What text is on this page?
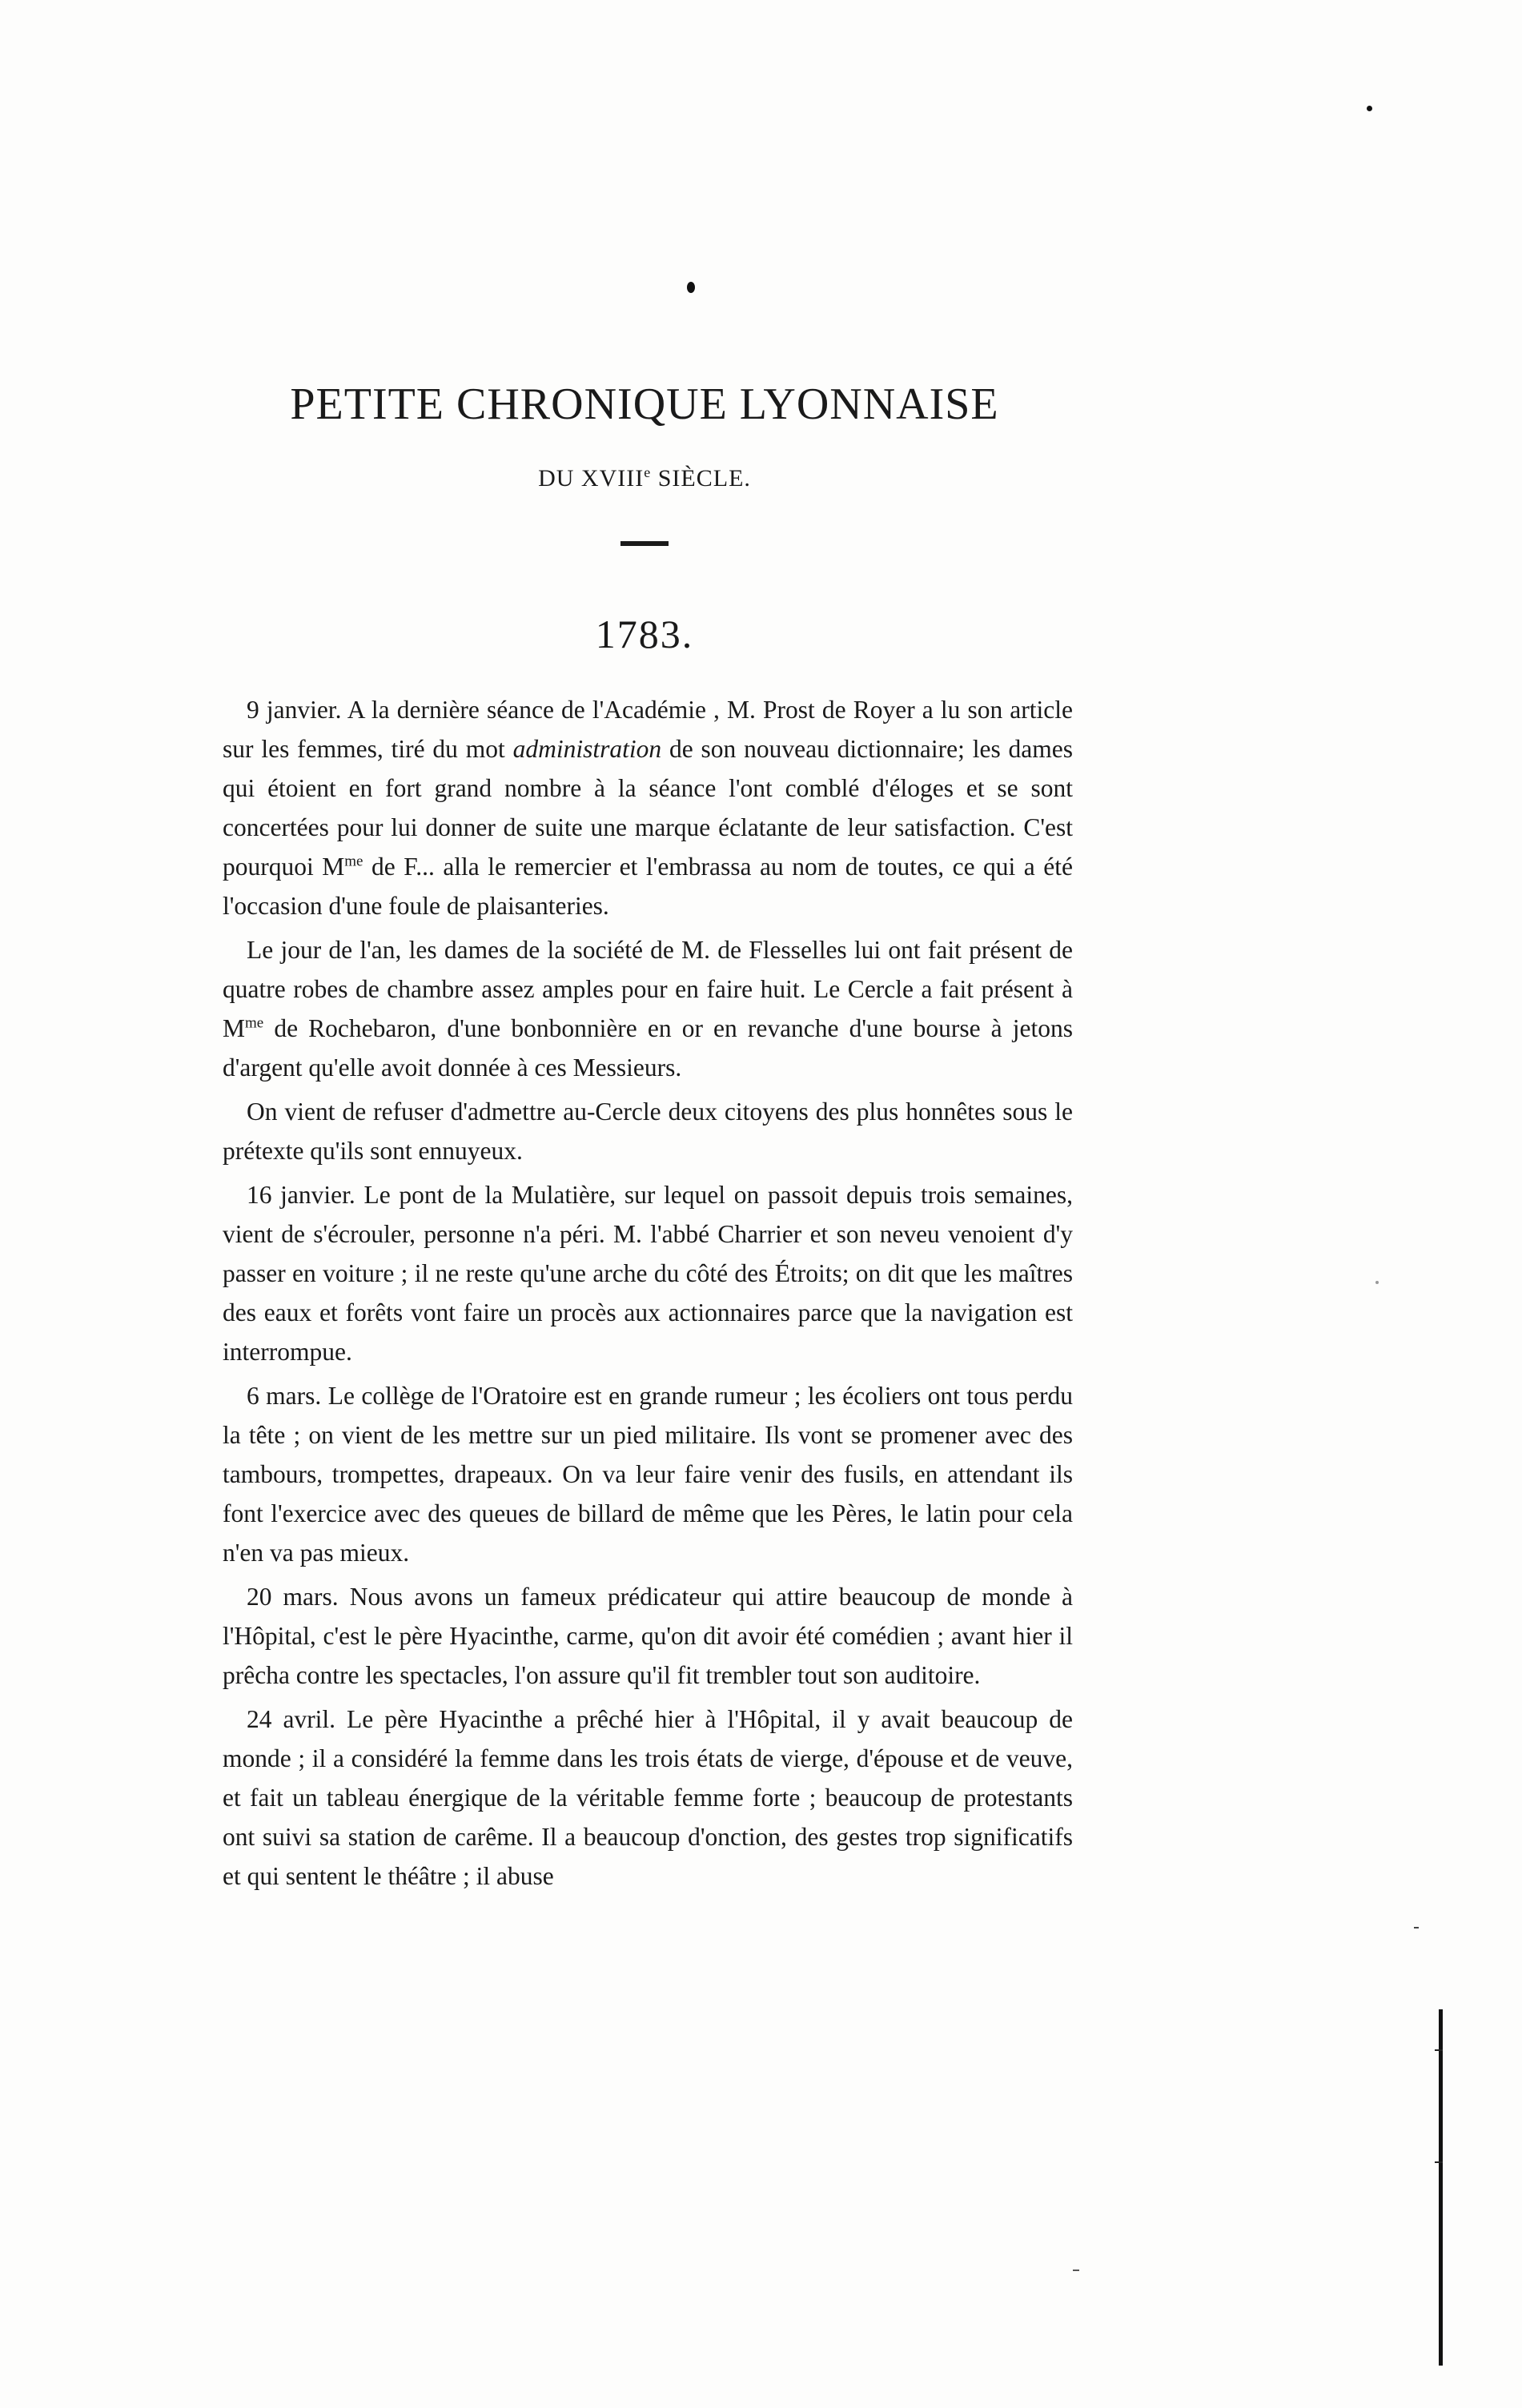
PETITE CHRONIQUE LYONNAISE
DU XVIIIe SIÈCLE.
1783.

9 janvier. A la dernière séance de l'Académie , M. Prost de Royer a lu son article sur les femmes, tiré du mot administration de son nouveau dictionnaire; les dames qui étoient en fort grand nombre à la séance l'ont comblé d'éloges et se sont concertées pour lui donner de suite une marque éclatante de leur satisfaction. C'est pourquoi $M^{me}$ de F... alla le remercier et l'embrassa au nom de toutes, ce qui a été l'occasion d'une foule de plaisanteries.

Le jour de l'an, les dames de la société de M. de Flesselles lui ont fait présent de quatre robes de chambre assez amples pour en faire huit. Le Cercle a fait présent à $M^{me}$ de Rochebaron, d'une bonbonnière en or en revanche d'une bourse à jetons d'argent qu'elle avoit donnée à ces Messieurs.

On vient de refuser d'admettre au-Cercle deux citoyens des plus honnêtes sous le prétexte qu'ils sont ennuyeux.

16 janvier. Le pont de la Mulatière, sur lequel on passoit depuis trois semaines, vient de s'écrouler, personne n'a péri. M. l'abbé Charrier et son neveu venoient d'y passer en voiture ; il ne reste qu'une arche du côté des Étroits; on dit que les maîtres des eaux et forêts vont faire un procès aux actionnaires parce que la navigation est interrompue.

6 mars. Le collège de l'Oratoire est en grande rumeur ; les écoliers ont tous perdu la tête ; on vient de les mettre sur un pied militaire. Ils vont se promener avec des tambours, trompettes, drapeaux. On va leur faire venir des fusils, en attendant ils font l'exercice avec des queues de billard de même que les Pères, le latin pour cela n'en va pas mieux.

20 mars. Nous avons un fameux prédicateur qui attire beaucoup de monde à l'Hôpital, c'est le père Hyacinthe, carme, qu'on dit avoir été comédien ; avant hier il prêcha contre les spectacles, l'on assure qu'il fit trembler tout son auditoire.

24 avril. Le père Hyacinthe a prêché hier à l'Hôpital, il y avait beaucoup de monde ; il a considéré la femme dans les trois états de vierge, d'épouse et de veuve, et fait un tableau énergique de la véritable femme forte ; beaucoup de protestants ont suivi sa station de carême. Il a beaucoup d'onction, des gestes trop significatifs et qui sentent le théâtre ; il abuse
